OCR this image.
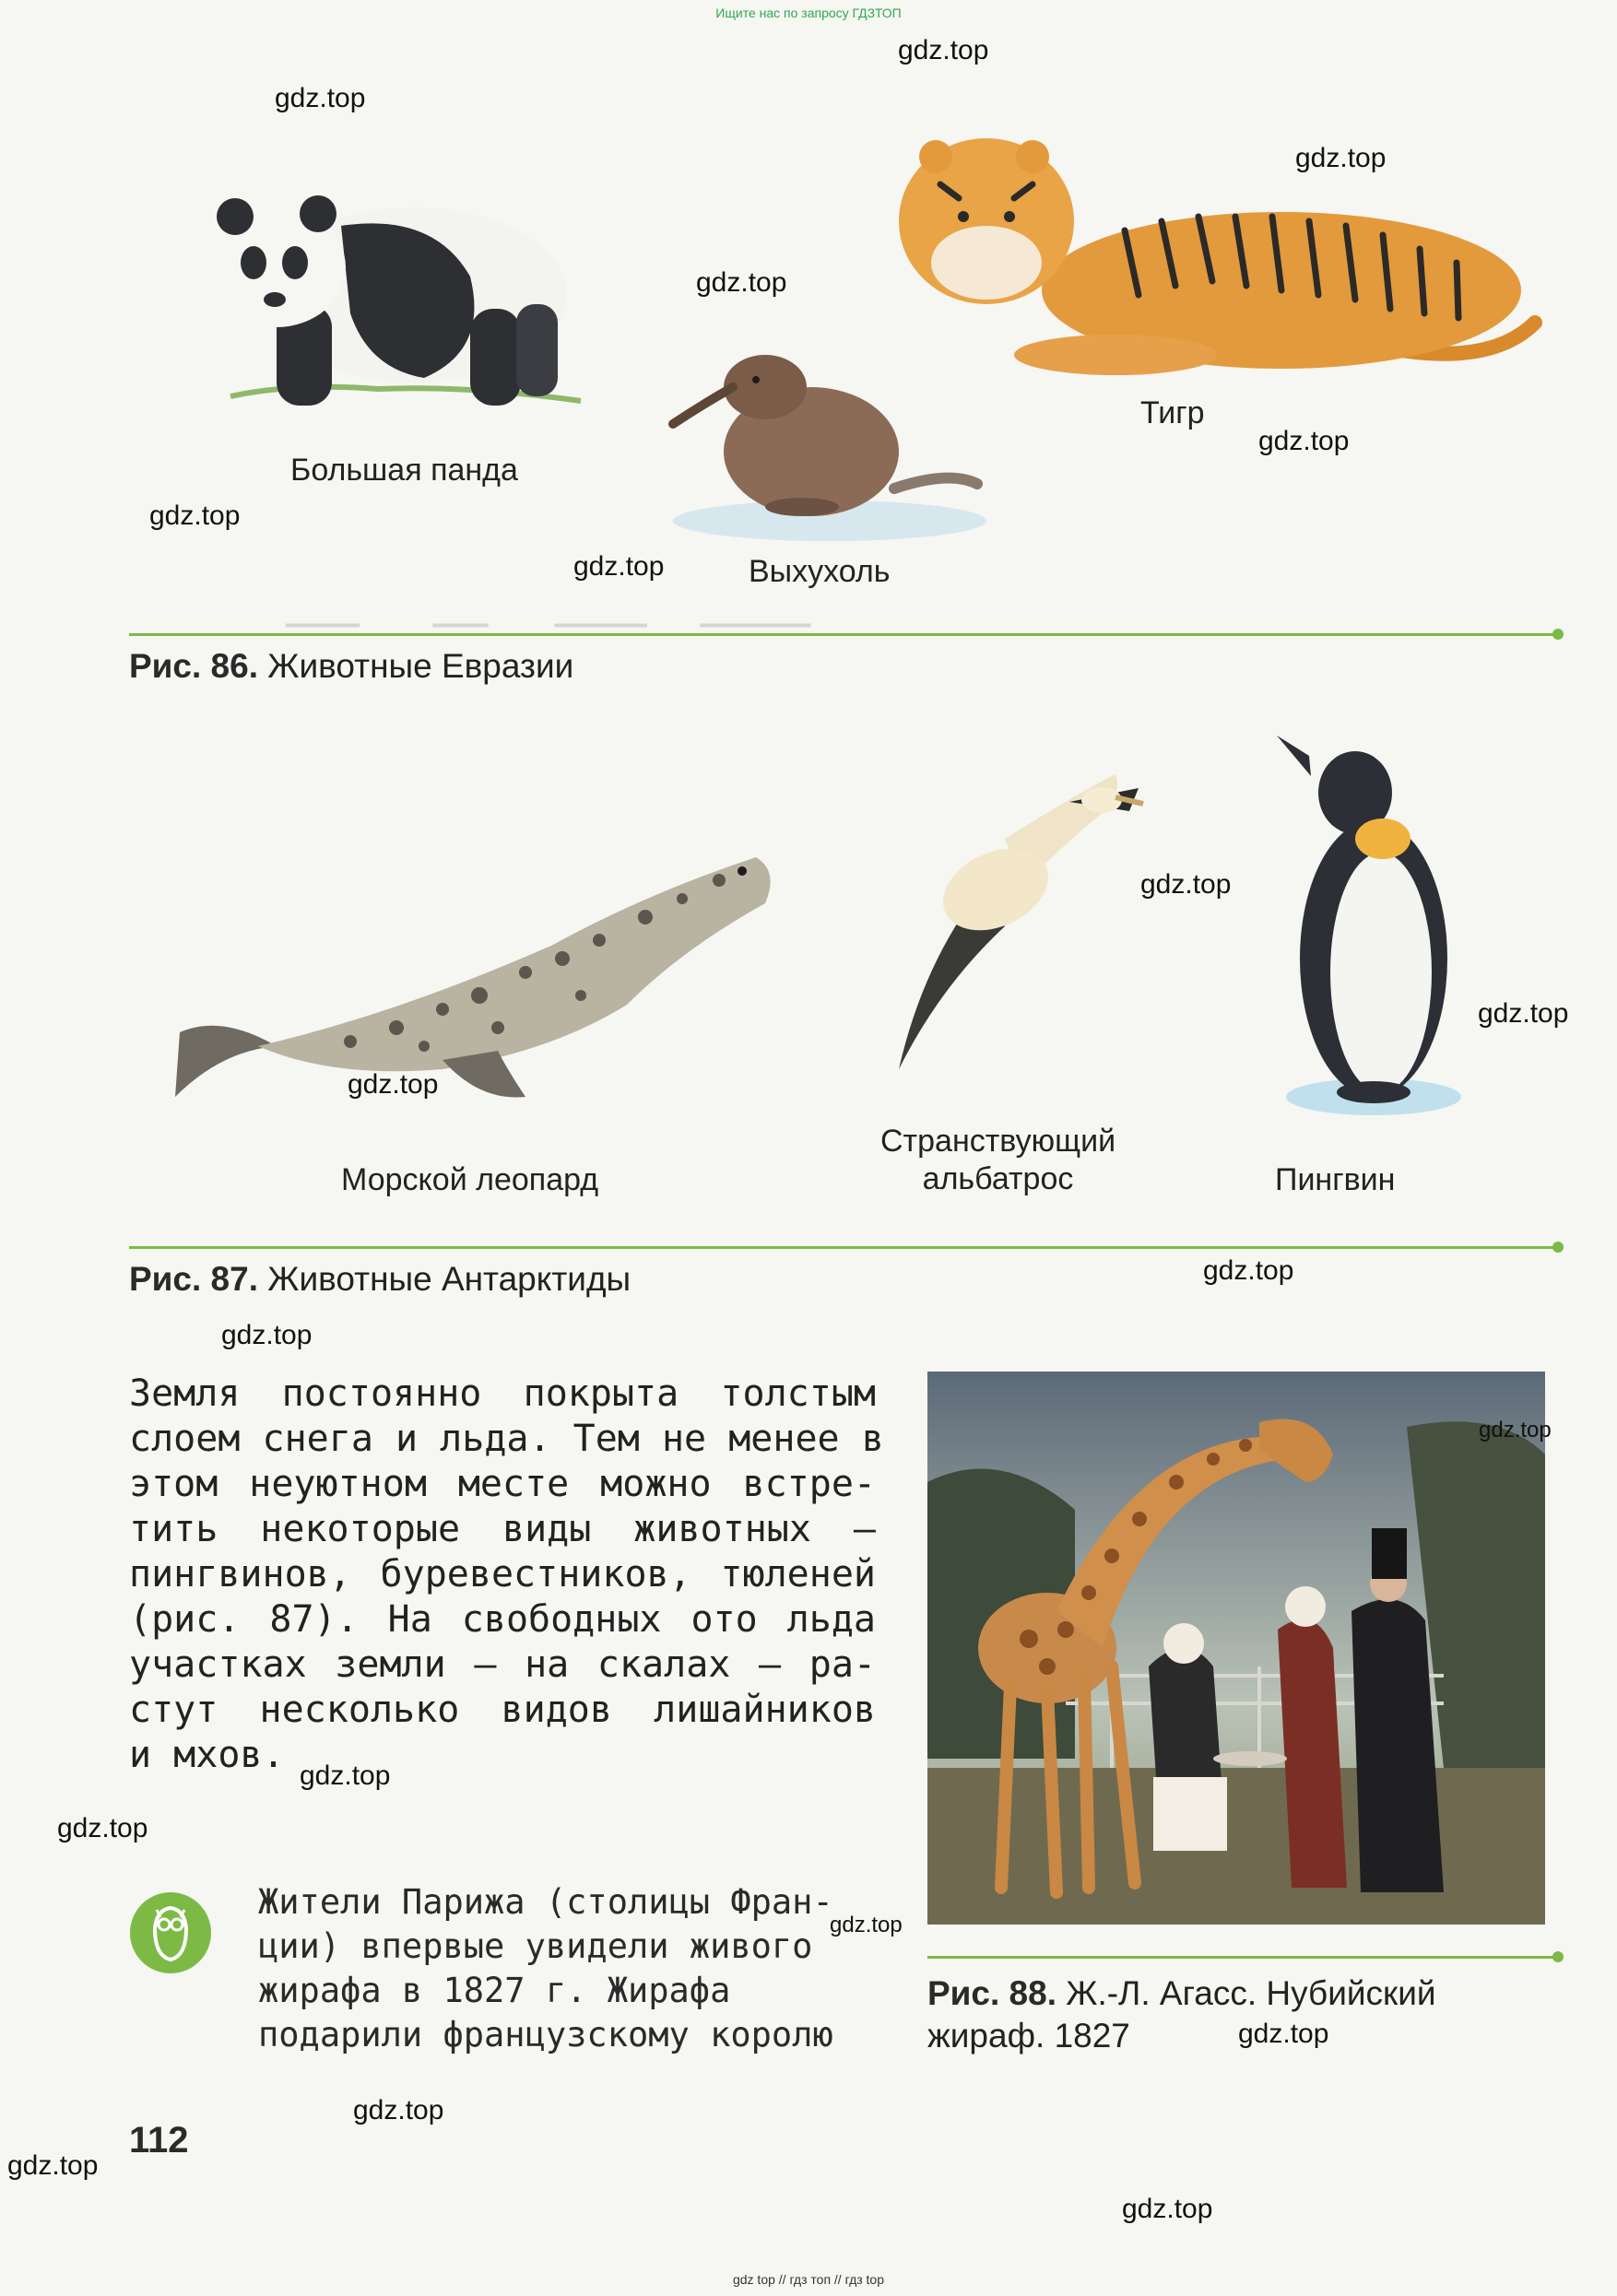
Ищите нас по запросу ГДЗТОП
gdz top // гдз топ // гдз top
Большая панда
Выхухоль
Тигр
▁▁▁▁           ▁▁▁          ▁▁▁▁▁        ▁▁▁▁▁▁
Рис. 86. Животные Евразии
Морской леопард
Странствующий
альбатрос	Пингвин
Рис. 87. Животные Антарктиды
Земля постоянно покрыта толстым
слоем снега и льда. Тем не менее в
этом неуютном месте можно встре-
тить некоторые виды животных —
пингвинов, буревестников, тюленей
(рис. 87). На свободных ото льда
участках земли — на скалах — ра-
стут несколько видов лишайников
и мхов.
Рис. 88. Ж.-Л. Агасс. Нубийский
жираф. 1827
Жители Парижа (столицы Фран-
ции) впервые увидели живого
жирафа в 1827 г. Жирафа
подарили французскому королю
112
gdz.top
gdz.top
gdz.top
gdz.top
gdz.top
gdz.top
gdz.top
gdz.top
gdz.top
gdz.top
gdz.top
gdz.top
gdz.top
gdz.top
gdz.top
gdz.top
gdz.top
gdz.top
gdz.top
gdz.top
